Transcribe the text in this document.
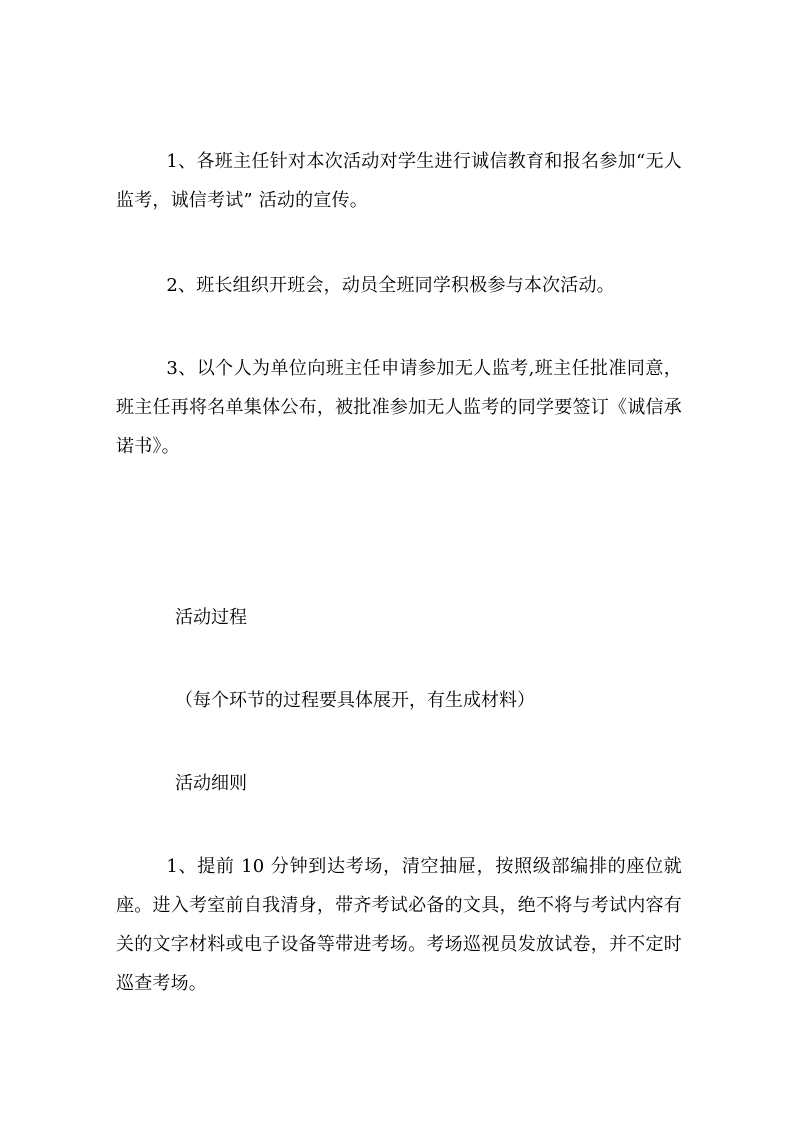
1、各班主任针对本次活动对学生进行诚信教育和报名参加“无人监考，诚信考试” 活动的宣传。

2、班长组织开班会，动员全班同学积极参与本次活动。

3、以个人为单位向班主任申请参加无人监考,班主任批准同意，班主任再将名单集体公布，被批准参加无人监考的同学要签订《诚信承诺书》。

活动过程

（每个环节的过程要具体展开，有生成材料）

活动细则

1、提前 10 分钟到达考场，清空抽屉，按照级部编排的座位就座。进入考室前自我清身，带齐考试必备的文具，绝不将与考试内容有关的文字材料或电子设备等带进考场。考场巡视员发放试卷，并不定时巡查考场。
